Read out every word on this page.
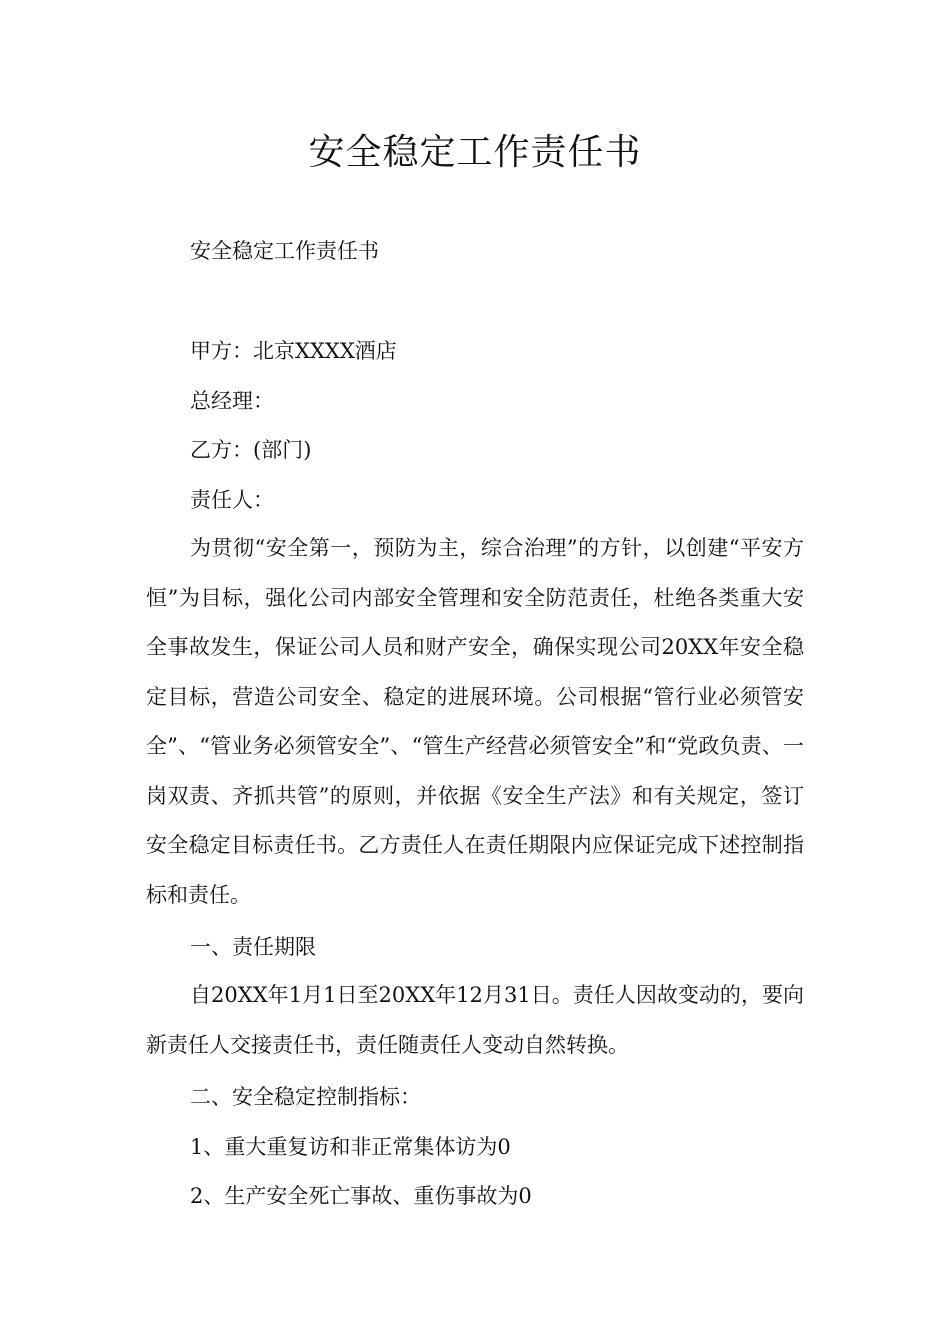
安全稳定工作责任书
安全稳定工作责任书
甲方：北京XXXX酒店
总经理：
乙方：(部门)
责任人：

为贯彻“安全第一，预防为主，综合治理”的方针，以创建“平安方恒”为目标，强化公司内部安全管理和安全防范责任，杜绝各类重大安全事故发生，保证公司人员和财产安全，确保实现公司20XX年安全稳定目标，营造公司安全、稳定的进展环境。公司根据“管行业必须管安全”、“管业务必须管安全”、“管生产经营必须管安全”和“党政负责、一岗双责、齐抓共管”的原则，并依据《安全生产法》和有关规定，签订安全稳定目标责任书。乙方责任人在责任期限内应保证完成下述控制指标和责任。

一、责任期限

自20XX年1月1日至20XX年12月31日。责任人因故变动的，要向新责任人交接责任书，责任随责任人变动自然转换。

二、安全稳定控制指标：
1、重大重复访和非正常集体访为0
2、生产安全死亡事故、重伤事故为0
